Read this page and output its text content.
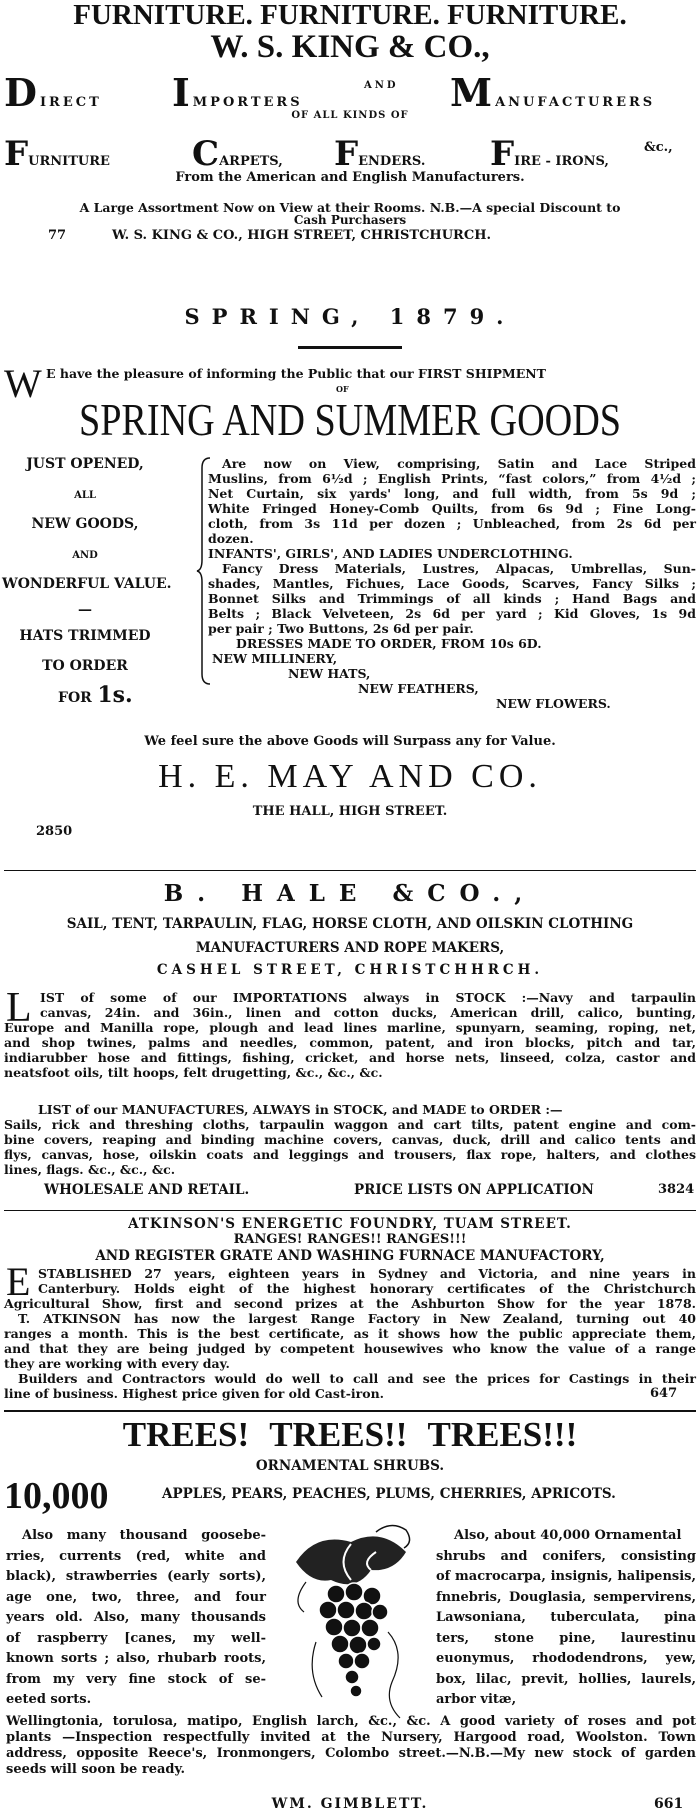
FURNITURE. FURNITURE. FURNITURE.
W. S. KING & CO.,
DIRECT IMPORTERS
AND MANUFACTURERS
OF ALL KINDS OF
FURNITURE CARPETS, FENDERS. FIRE - IRONS,
&c.,
From the American and English Manufacturers.
A Large Assortment Now on View at their Rooms. N.B.—A special Discount to
Cash Purchasers
77	W. S. KING & CO., HIGH STREET, CHRISTCHURCH.
SPRING, 1879.
W E have the pleasure of informing the Public that our FIRST SHIPMENT
OF
SPRING AND SUMMER GOODS
JUST OPENED,
ALL
NEW GOODS,
AND
WONDERFUL VALUE.
—
HATS TRIMMED
TO ORDER
FOR 1s.
Are now on View, comprising, Satin and Lace Striped
Muslins, from 6½d ; English Prints, “fast colors,” from 4½d ;
Net Curtain, six yards' long, and full width, from 5s 9d ;
White Fringed Honey-Comb Quilts, from 6s 9d ; Fine Long-
cloth, from 3s 11d per dozen ; Unbleached, from 2s 6d per
dozen.
INFANTS', GIRLS', AND LADIES UNDERCLOTHING.
Fancy Dress Materials, Lustres, Alpacas, Umbrellas, Sun-
shades, Mantles, Fichues, Lace Goods, Scarves, Fancy Silks ;
Bonnet Silks and Trimmings of all kinds ; Hand Bags and
Belts ; Black Velveteen, 2s 6d per yard ; Kid Gloves, 1s 9d
per pair ; Two Buttons, 2s 6d per pair.
DRESSES MADE TO ORDER, FROM 10s 6D.
NEW MILLINERY,
NEW HATS,
NEW FEATHERS,
NEW FLOWERS.
We feel sure the above Goods will Surpass any for Value.
H. E. MAY AND CO.
THE HALL, HIGH STREET.
2850
B. HALE &CO.,
SAIL, TENT, TARPAULIN, FLAG, HORSE CLOTH, AND OILSKIN CLOTHING
MANUFACTURERS AND ROPE MAKERS,
CASHEL STREET, CHRISTCHHRCH.
L IST of some of our IMPORTATIONS always in STOCK :—Navy and tarpaulin
canvas, 24in. and 36in., linen and cotton ducks, American drill, calico, bunting,
Europe and Manilla rope, plough and lead lines marline, spunyarn, seaming, roping, net,
and shop twines, palms and needles, common, patent, and iron blocks, pitch and tar,
indiarubber hose and fittings, fishing, cricket, and horse nets, linseed, colza, castor and
neatsfoot oils, tilt hoops, felt drugetting, &c., &c., &c.
LIST of our MANUFACTURES, ALWAYS in STOCK, and MADE to ORDER :—
Sails, rick and threshing cloths, tarpaulin waggon and cart tilts, patent engine and com-
bine covers, reaping and binding machine covers, canvas, duck, drill and calico tents and
flys, canvas, hose, oilskin coats and leggings and trousers, flax rope, halters, and clothes
lines, flags. &c., &c., &c.
WHOLESALE AND RETAIL.	PRICE LISTS ON APPLICATION	3824
ATKINSON'S ENERGETIC FOUNDRY, TUAM STREET.
RANGES! RANGES!! RANGES!!!
AND REGISTER GRATE AND WASHING FURNACE MANUFACTORY,
E STABLISHED 27 years, eighteen years in Sydney and Victoria, and nine years in
Canterbury. Holds eight of the highest honorary certificates of the Christchurch
Agricultural Show, first and second prizes at the Ashburton Show for the year 1878.
T. ATKINSON has now the largest Range Factory in New Zealand, turning out 40
ranges a month. This is the best certificate, as it shows how the public appreciate them,
and that they are being judged by competent housewives who know the value of a range
they are working with every day.
Builders and Contractors would do well to call and see the prices for Castings in their
line of business. Highest price given for old Cast-iron.	647
TREES! TREES!! TREES!!!
ORNAMENTAL SHRUBS.
10,000	APPLES, PEARS, PEACHES, PLUMS, CHERRIES, APRICOTS.
Also many thousand goosebe-
rries, currents (red, white and
black), strawberries (early sorts),
age one, two, three, and four
years old. Also, many thousands
of raspberry [canes, my well-
known sorts ; also, rhubarb roots,
from my very fine stock of se-
eeted sorts.
Also, about 40,000 Ornamental
shrubs and conifers, consisting
of macrocarpa, insignis, halipensis,
fnnebris, Douglasia, sempervirens,
Lawsoniana, tuberculata, pina
ters, stone pine, laurestinu
euonymus, rhododendrons, yew,
box, lilac, previt, hollies, laurels,
arbor vitæ,
Wellingtonia, torulosa, matipo, English larch, &c., &c. A good variety of roses and pot
plants —Inspection respectfully invited at the Nursery, Hargood road, Woolston. Town
address, opposite Reece's, Ironmongers, Colombo street.—N.B.—My new stock of garden
seeds will soon be ready.
WM. GIMBLETT.	661
